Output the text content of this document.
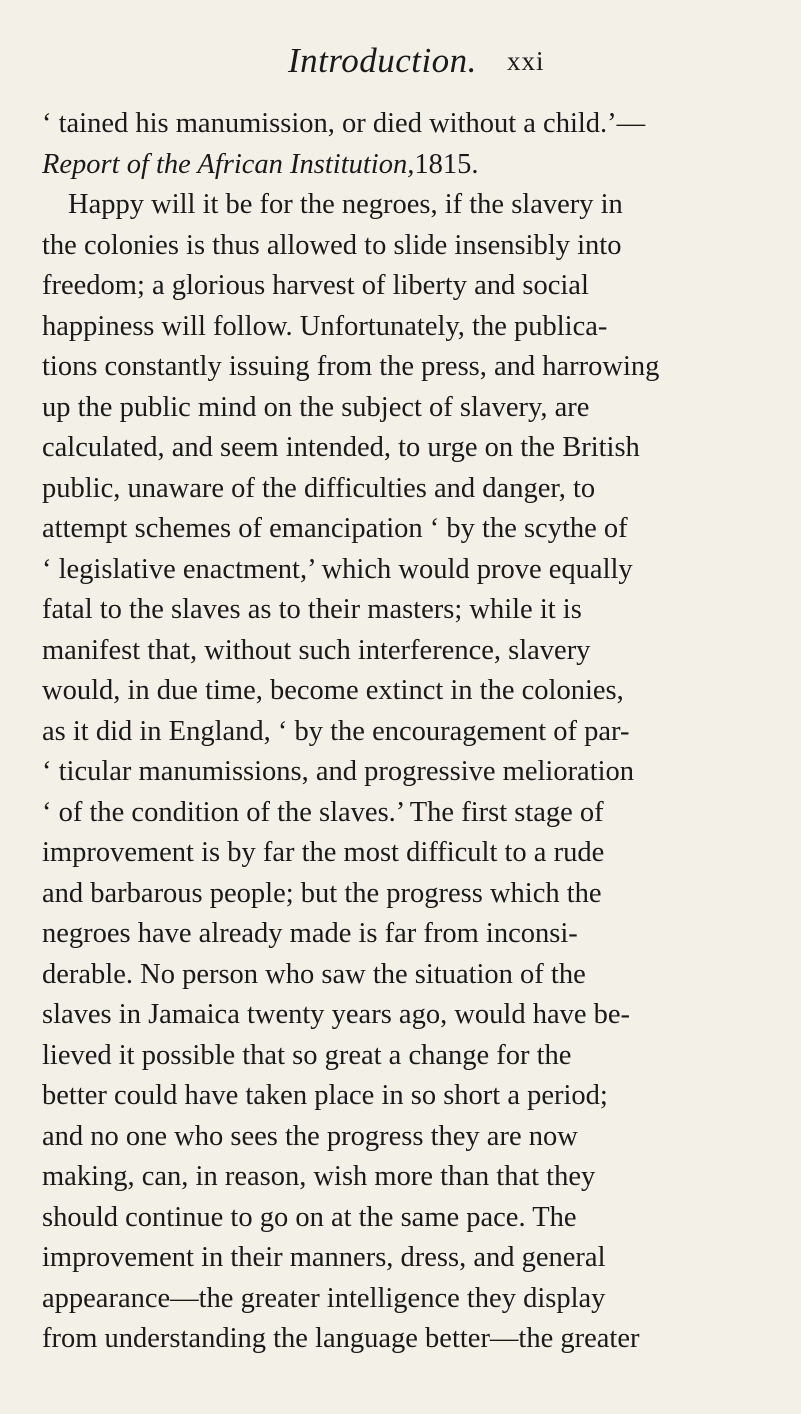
Introduction. xxi
‘ tained his manumission, or died without a child.’—
Report of the African Institution,1815.
Happy will it be for the negroes, if the slavery in
the colonies is thus allowed to slide insensibly into
freedom; a glorious harvest of liberty and social
happiness will follow. Unfortunately, the publica-
tions constantly issuing from the press, and harrowing
up the public mind on the subject of slavery, are
calculated, and seem intended, to urge on the British
public, unaware of the difficulties and danger, to
attempt schemes of emancipation ‘ by the scythe of
‘ legislative enactment,’ which would prove equally
fatal to the slaves as to their masters; while it is
manifest that, without such interference, slavery
would, in due time, become extinct in the colonies,
as it did in England, ‘ by the encouragement of par-
‘ ticular manumissions, and progressive melioration
‘ of the condition of the slaves.’ The first stage of
improvement is by far the most difficult to a rude
and barbarous people; but the progress which the
negroes have already made is far from inconsi-
derable. No person who saw the situation of the
slaves in Jamaica twenty years ago, would have be-
lieved it possible that so great a change for the
better could have taken place in so short a period;
and no one who sees the progress they are now
making, can, in reason, wish more than that they
should continue to go on at the same pace. The
improvement in their manners, dress, and general
appearance—the greater intelligence they display
from understanding the language better—the greater
